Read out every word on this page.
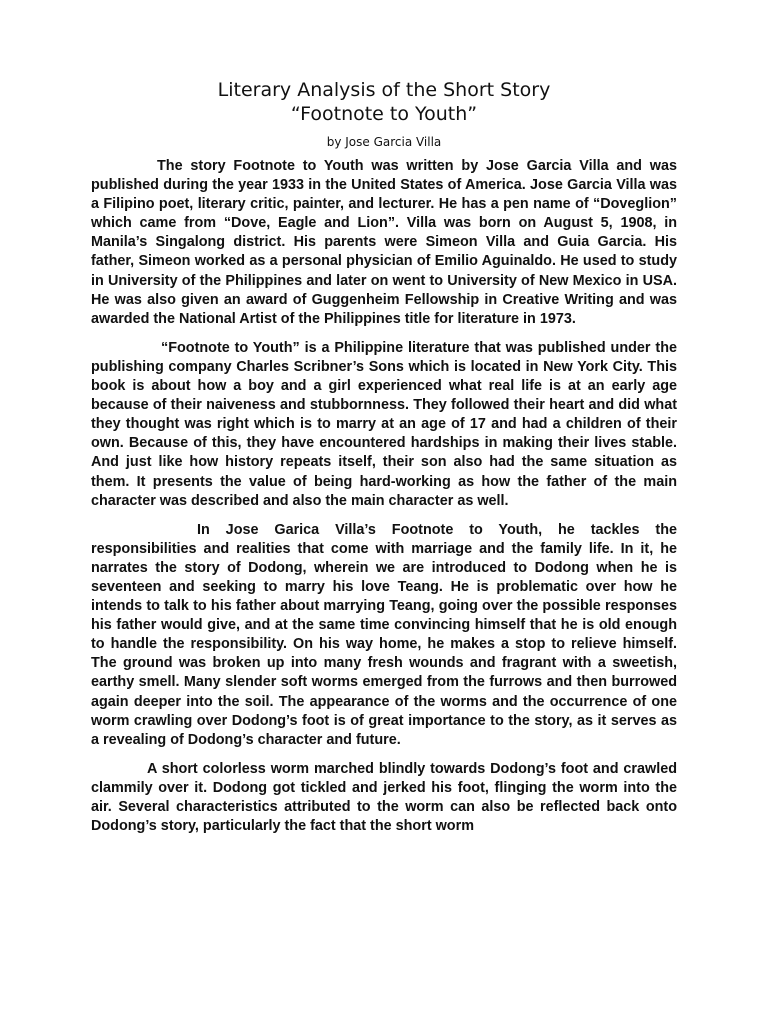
Literary Analysis of the Short Story
“Footnote to Youth”
by Jose Garcia Villa

The story Footnote to Youth was written by Jose Garcia Villa and was published during the year 1933 in the United States of America. Jose Garcia Villa was a Filipino poet, literary critic, painter, and lecturer. He has a pen name of “Doveglion” which came from “Dove, Eagle and Lion”. Villa was born on August 5, 1908, in Manila’s Singalong district. His parents were Simeon Villa and Guia Garcia. His father, Simeon worked as a personal physician of Emilio Aguinaldo. He used to study in University of the Philippines and later on went to University of New Mexico in USA. He was also given an award of Guggenheim Fellowship in Creative Writing and was awarded the National Artist of the Philippines title for literature in 1973.

“Footnote to Youth” is a Philippine literature that was published under the publishing company Charles Scribner’s Sons which is located in New York City. This book is about how a boy and a girl experienced what real life is at an early age because of their naiveness and stubbornness. They followed their heart and did what they thought was right which is to marry at an age of 17 and had a children of their own. Because of this, they have encountered hardships in making their lives stable. And just like how history repeats itself, their son also had the same situation as them. It presents the value of being hard-working as how the father of the main character was described and also the main character as well.

In Jose Garica Villa’s Footnote to Youth, he tackles the responsibilities and realities that come with marriage and the family life. In it, he narrates the story of Dodong, wherein we are introduced to Dodong when he is seventeen and seeking to marry his love Teang. He is problematic over how he intends to talk to his father about marrying Teang, going over the possible responses his father would give, and at the same time convincing himself that he is old enough to handle the responsibility. On his way home, he makes a stop to relieve himself. The ground was broken up into many fresh wounds and fragrant with a sweetish, earthy smell. Many slender soft worms emerged from the furrows and then burrowed again deeper into the soil. The appearance of the worms and the occurrence of one worm crawling over Dodong’s foot is of great importance to the story, as it serves as a revealing of Dodong’s character and future.

A short colorless worm marched blindly towards Dodong’s foot and crawled clammily over it. Dodong got tickled and jerked his foot, flinging the worm into the air. Several characteristics attributed to the worm can also be reflected back onto Dodong’s story, particularly the fact that the short worm
